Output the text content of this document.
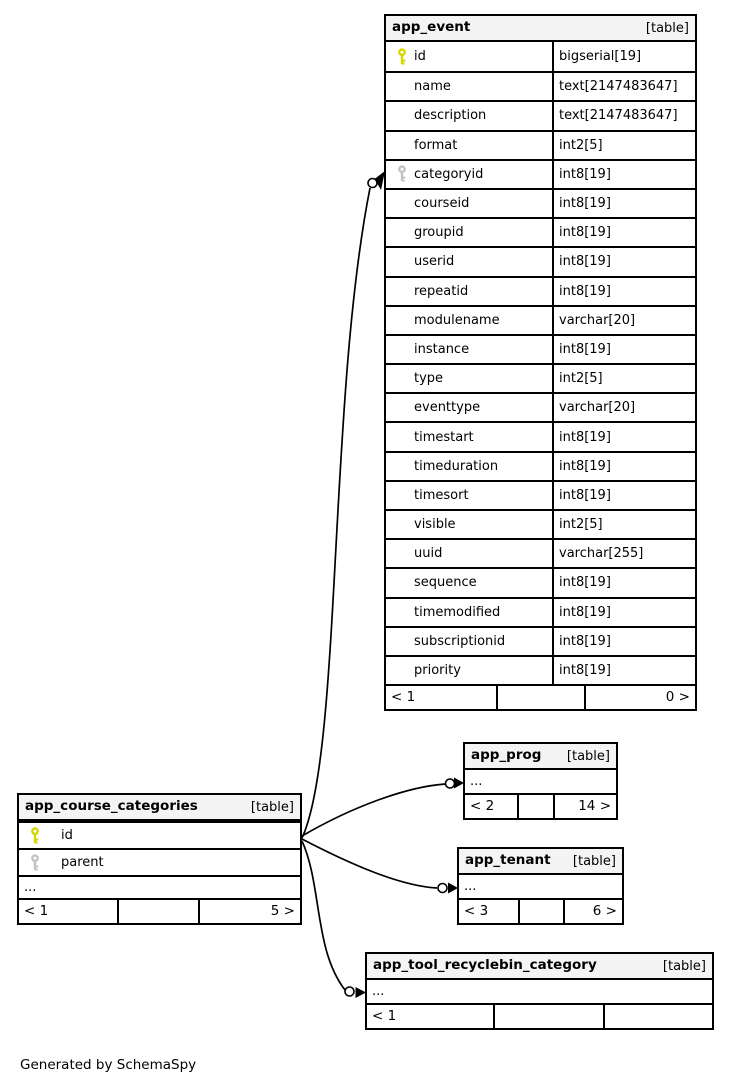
app_event	[table]
id	bigserial[19]
name	text[2147483647]
description	text[2147483647]
format	int2[5]
categoryid	int8[19]
courseid	int8[19]
groupid	int8[19]
userid	int8[19]
repeatid	int8[19]
modulename	varchar[20]
instance	int8[19]
type	int2[5]
eventtype	varchar[20]
timestart	int8[19]
timeduration	int8[19]
timesort	int8[19]
visible	int2[5]
uuid	varchar[255]
sequence	int8[19]
timemodified	int8[19]
subscriptionid	int8[19]
priority	int8[19]
< 1	0 >
app_course_categories	[table]
id
parent
...
< 1	5 >
app_prog [table]
...
< 2	14 >
app_tenant [table]
...
< 3	6 >
app_tool_recyclebin_category	[table]
...
< 1
Generated by SchemaSpy
